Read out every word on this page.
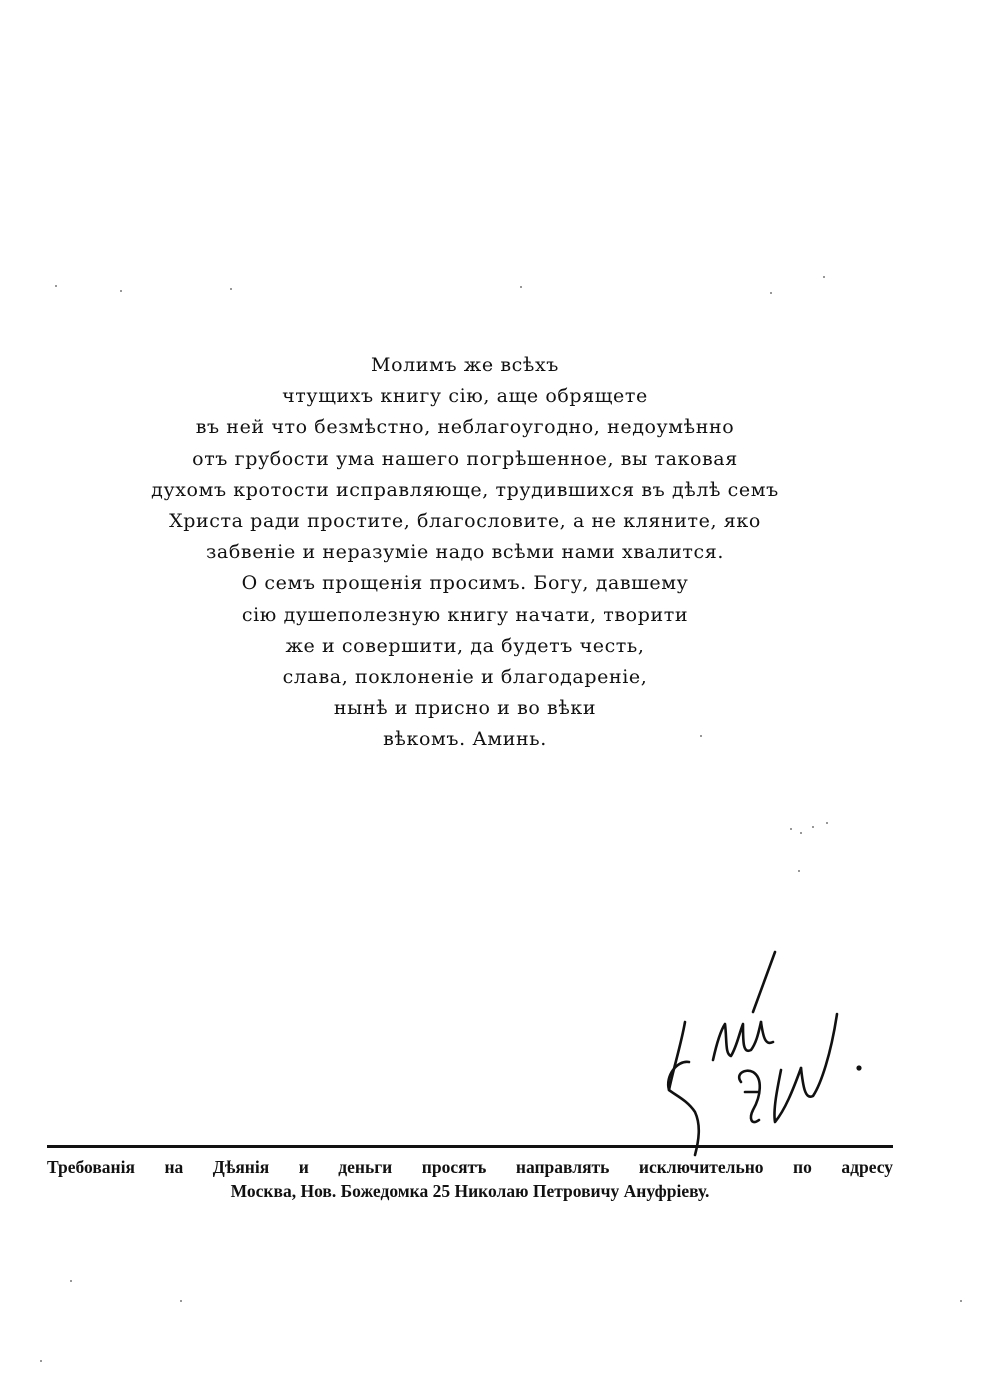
Молимъ же всѣхъ
чтущихъ книгу сію, аще обрящете
въ ней что безмѣстно, неблагоугодно, недоумѣнно
отъ грубости ума нашего погрѣшенное, вы таковая
духомъ кротости исправляюще, трудившихся въ дѣлѣ семъ
Христа ради простите, благословите, а не кляните, яко
забвеніе и неразуміе надо всѣми нами хвалится.
О семъ прощенія просимъ. Богу, давшему
сію душеполезную книгу начати, творити
же и совершити, да будетъ честь,
слава, поклоненіе и благодареніе,
нынѣ и присно и во вѣки
вѣкомъ. Аминь.
Требованія на Дѣянія и деньги просятъ направлять исключительно по адресу
Москва, Нов. Божедомка 25 Николаю Петровичу Ануфріеву.
